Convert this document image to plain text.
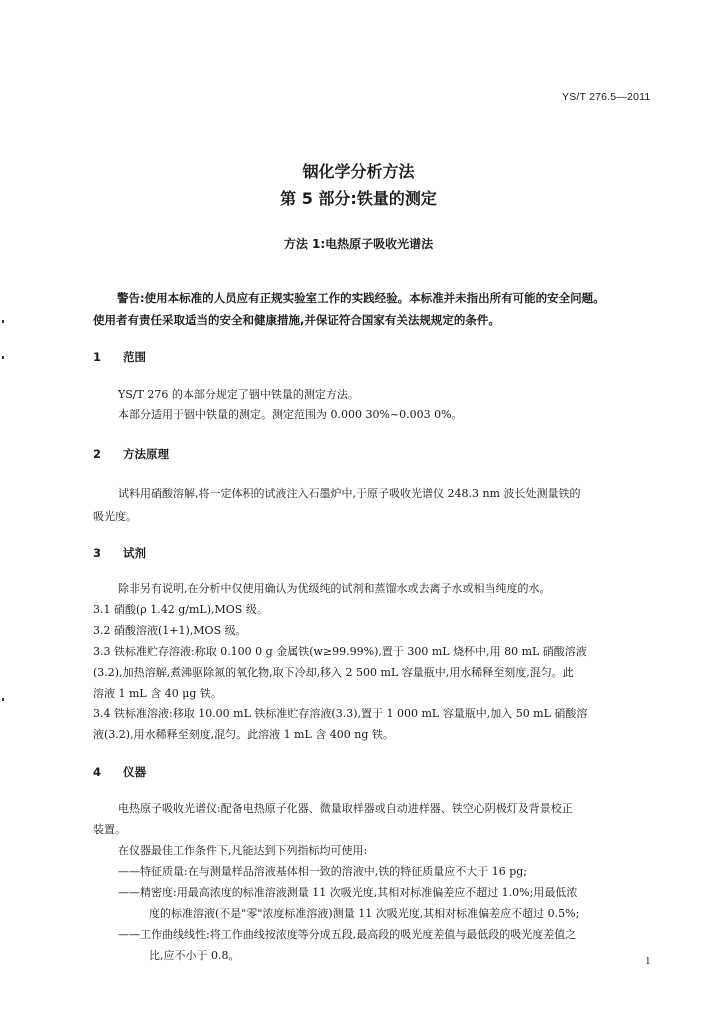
YS/T 276.5—2011
铟化学分析方法
第 5 部分:铁量的测定
方法 1:电热原子吸收光谱法
警告:使用本标准的人员应有正规实验室工作的实践经验。本标准并未指出所有可能的安全问题。
使用者有责任采取适当的安全和健康措施,并保证符合国家有关法规规定的条件。
1 范围
YS/T 276 的本部分规定了铟中铁量的测定方法。
本部分适用于铟中铁量的测定。测定范围为 0.000 30%~0.003 0%。
2 方法原理
试料用硝酸溶解,将一定体积的试液注入石墨炉中,于原子吸收光谱仪 248.3 nm 波长处测量铁的
吸光度。
3 试剂
除非另有说明,在分析中仅使用确认为优级纯的试剂和蒸馏水或去离子水或相当纯度的水。
3.1 硝酸(ρ 1.42 g/mL),MOS 级。
3.2 硝酸溶液(1+1),MOS 级。
3.3 铁标准贮存溶液:称取 0.100 0 g 金属铁(w≥99.99%),置于 300 mL 烧杯中,用 80 mL 硝酸溶液
(3.2),加热溶解,煮沸驱除氮的氧化物,取下冷却,移入 2 500 mL 容量瓶中,用水稀释至刻度,混匀。此
溶液 1 mL 含 40 μg 铁。
3.4 铁标准溶液:移取 10.00 mL 铁标准贮存溶液(3.3),置于 1 000 mL 容量瓶中,加入 50 mL 硝酸溶
液(3.2),用水稀释至刻度,混匀。此溶液 1 mL 含 400 ng 铁。
4 仪器
电热原子吸收光谱仪:配备电热原子化器、微量取样器或自动进样器、铁空心阴极灯及背景校正
装置。
在仪器最佳工作条件下,凡能达到下列指标均可使用:
——特征质量:在与测量样品溶液基体相一致的溶液中,铁的特征质量应不大于 16 pg;
——精密度:用最高浓度的标准溶液测量 11 次吸光度,其相对标准偏差应不超过 1.0%;用最低浓
度的标准溶液(不是"零"浓度标准溶液)测量 11 次吸光度,其相对标准偏差应不超过 0.5%;
——工作曲线线性:将工作曲线按浓度等分成五段,最高段的吸光度差值与最低段的吸光度差值之
比,应不小于 0.8。	1
